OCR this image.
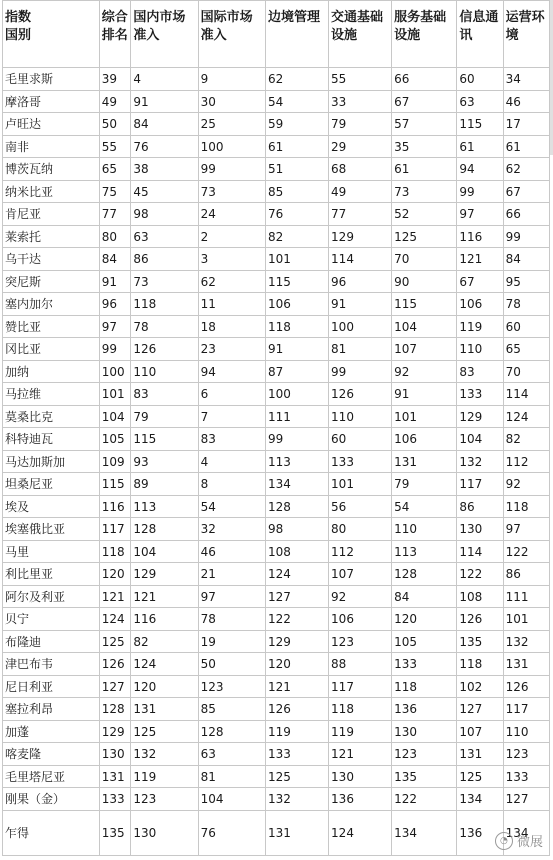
指数
国别	综合排名	国内市场准入	国际市场准入	边境管理	交通基础设施	服务基础设施	信息通讯	运营环境
毛里求斯	39	4	9	62	55	66	60	34
摩洛哥	49	91	30	54	33	67	63	46
卢旺达	50	84	25	59	79	57	115	17
南非	55	76	100	61	29	35	61	61
博茨瓦纳	65	38	99	51	68	61	94	62
纳米比亚	75	45	73	85	49	73	99	67
肯尼亚	77	98	24	76	77	52	97	66
莱索托	80	63	2	82	129	125	116	99
乌干达	84	86	3	101	114	70	121	84
突尼斯	91	73	62	115	96	90	67	95
塞内加尔	96	118	11	106	91	115	106	78
赞比亚	97	78	18	118	100	104	119	60
冈比亚	99	126	23	91	81	107	110	65
加纳	100	110	94	87	99	92	83	70
马拉维	101	83	6	100	126	91	133	114
莫桑比克	104	79	7	111	110	101	129	124
科特迪瓦	105	115	83	99	60	106	104	82
马达加斯加	109	93	4	113	133	131	132	112
坦桑尼亚	115	89	8	134	101	79	117	92
埃及	116	113	54	128	56	54	86	118
埃塞俄比亚	117	128	32	98	80	110	130	97
马里	118	104	46	108	112	113	114	122
利比里亚	120	129	21	124	107	128	122	86
阿尔及利亚	121	121	97	127	92	84	108	111
贝宁	124	116	78	122	106	120	126	101
布隆迪	125	82	19	129	123	105	135	132
津巴布韦	126	124	50	120	88	133	118	131
尼日利亚	127	120	123	121	117	118	102	126
塞拉利昂	128	131	85	126	118	136	127	117
加蓬	129	125	128	119	119	130	107	110
喀麦隆	130	132	63	133	121	123	131	123
毛里塔尼亚	131	119	81	125	130	135	125	133
刚果（金）	133	123	104	132	136	122	134	127
乍得	135	130	76	131	124	134	136	134
◔ 微展
